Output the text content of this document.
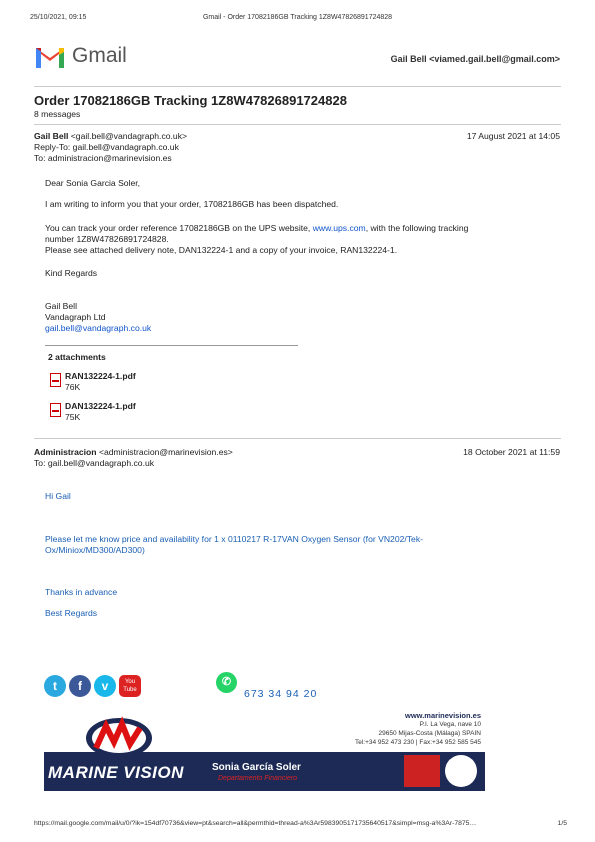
25/10/2021, 09:15	Gmail - Order 17082186GB Tracking 1Z8W47826891724828
Gmail	Gail Bell <viamed.gail.bell@gmail.com>
Order 17082186GB Tracking 1Z8W47826891724828
8 messages
Gail Bell <gail.bell@vandagraph.co.uk>	17 August 2021 at 14:05
Reply-To: gail.bell@vandagraph.co.uk
To: administracion@marinevision.es
Dear Sonia Garcia Soler,
I am writing to inform you that your order, 17082186GB has been dispatched.
You can track your order reference 17082186GB on the UPS website, www.ups.com, with the following tracking
number 1Z8W47826891724828.
Please see attached delivery note, DAN132224-1 and a copy of your invoice, RAN132224-1.
Kind Regards
Gail Bell
Vandagraph Ltd
gail.bell@vandagraph.co.uk
2 attachments
RAN132224-1.pdf
76K
DAN132224-1.pdf
75K
Administracion <administracion@marinevision.es>	18 October 2021 at 11:59
To: gail.bell@vandagraph.co.uk
Hi Gail
Please let me know price and availability for 1 x 0110217 R-17VAN Oxygen Sensor (for VN202/Tek-
Ox/Miniox/MD300/AD300)
Thanks in advance
Best Regards
t	f	v	You
Tube
✆
673 34 94 20
MARINE VISION
www.marinevision.es
P.I. La Vega, nave 10
29650 Mijas-Costa (Málaga) SPAIN
Tel:+34 952 473 230 | Fax:+34 952 585 545
Sonia García Soler
Departamento Financiero
https://mail.google.com/mail/u/0/?ik=154df70736&view=pt&search=all&permthid=thread-a%3Ar5983905171735640517&simpl=msg-a%3Ar-7875…	1/5
